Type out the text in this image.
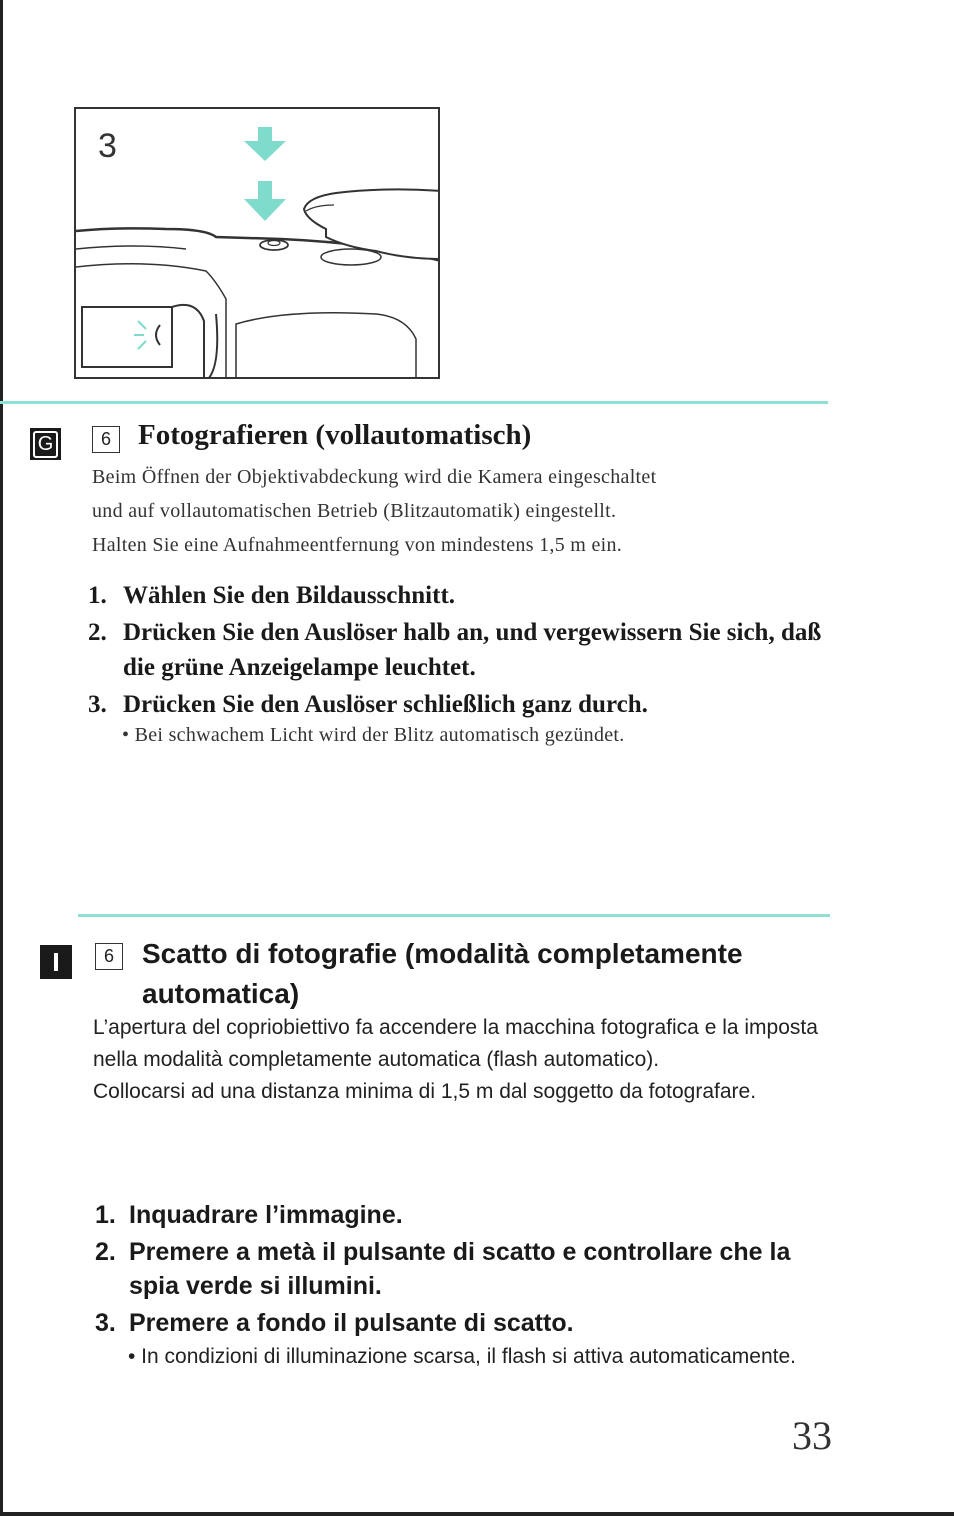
3
G	6 Fotografieren (vollautomatisch)

Beim Öffnen der Objektivabdeckung wird die Kamera eingeschaltet

und auf vollautomatischen Betrieb (Blitzautomatik) eingestellt.

Halten Sie eine Aufnahmeentfernung von mindestens 1,5 m ein.

1. Wählen Sie den Bildausschnitt.
2. Drücken Sie den Auslöser halb an, und vergewissern Sie sich, daß die grüne Anzeigelampe leuchtet.
3. Drücken Sie den Auslöser schließlich ganz durch.
• Bei schwachem Licht wird der Blitz automatisch gezündet.
6	Scatto di fotografie (modalità completamente automatica)

L’apertura del copriobiettivo fa accendere la macchina fotografica e la imposta nella modalità completamente automatica (flash automatico).

Collocarsi ad una distanza minima di 1,5 m dal soggetto da fotografare.

1. Inquadrare l’immagine.
2. Premere a metà il pulsante di scatto e controllare che la spia verde si illumini.
3. Premere a fondo il pulsante di scatto.
• In condizioni di illuminazione scarsa, il flash si attiva automaticamente.
33
